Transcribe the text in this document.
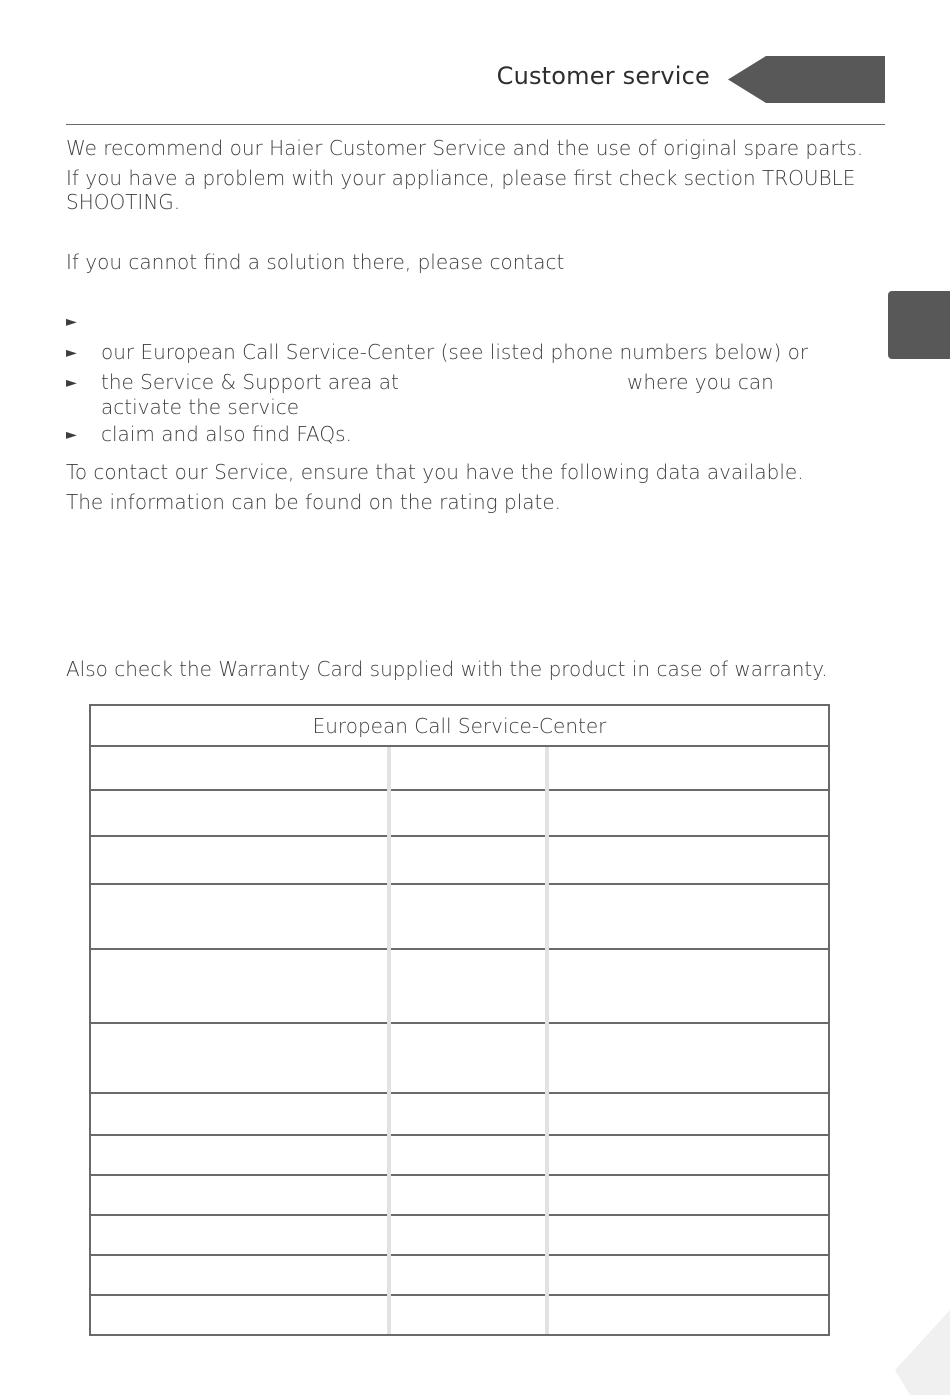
Customer service
We recommend our Haier Customer Service and the use of original spare parts.
If you have a problem with your appliance, please first check section TROUBLE
SHOOTING.
If you cannot find a solution there, please contact
►
► our European Call Service-Center (see listed phone numbers below) or
► the Service & Support area at	where you can
activate the service
► claim and also find FAQs.
To contact our Service, ensure that you have the following data available.
The information can be found on the rating plate.
Also check the Warranty Card supplied with the product in case of warranty.
European Call Service-Center
